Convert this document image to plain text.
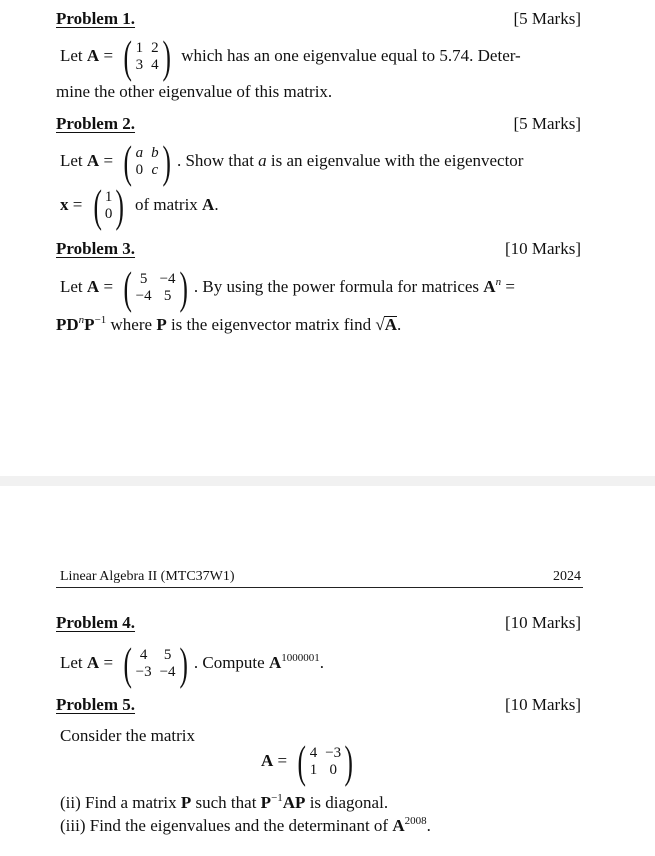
Problem 1.	[5 Marks]
Let A = ( 1 2
3 4 ) which has an one eigenvalue equal to 5.74. Deter-
mine the other eigenvalue of this matrix.
Problem 2.	[5 Marks]
Let A = ( a b
0 c ) . Show that a is an eigenvalue with the eigenvector
x = ( 1
0 ) of matrix A.
Problem 3.	[10 Marks]
Let A = ( 5 −4
−4 5 ) . By using the power formula for matrices $A^n$ =
$PD^nP^{-1}$ where P is the eigenvector matrix find √A.
Linear Algebra II (MTC37W1)	2024
Problem 4.	[10 Marks]
Let A = ( 4 5
−3 −4 ) . Compute $A^{1000001}$.
Problem 5.	[10 Marks]
Consider the matrix
A = ( 4 −3
1 0 )
(ii) Find a matrix P such that $P^{-1}AP$ is diagonal.
(iii) Find the eigenvalues and the determinant of $A^{2008}$.
